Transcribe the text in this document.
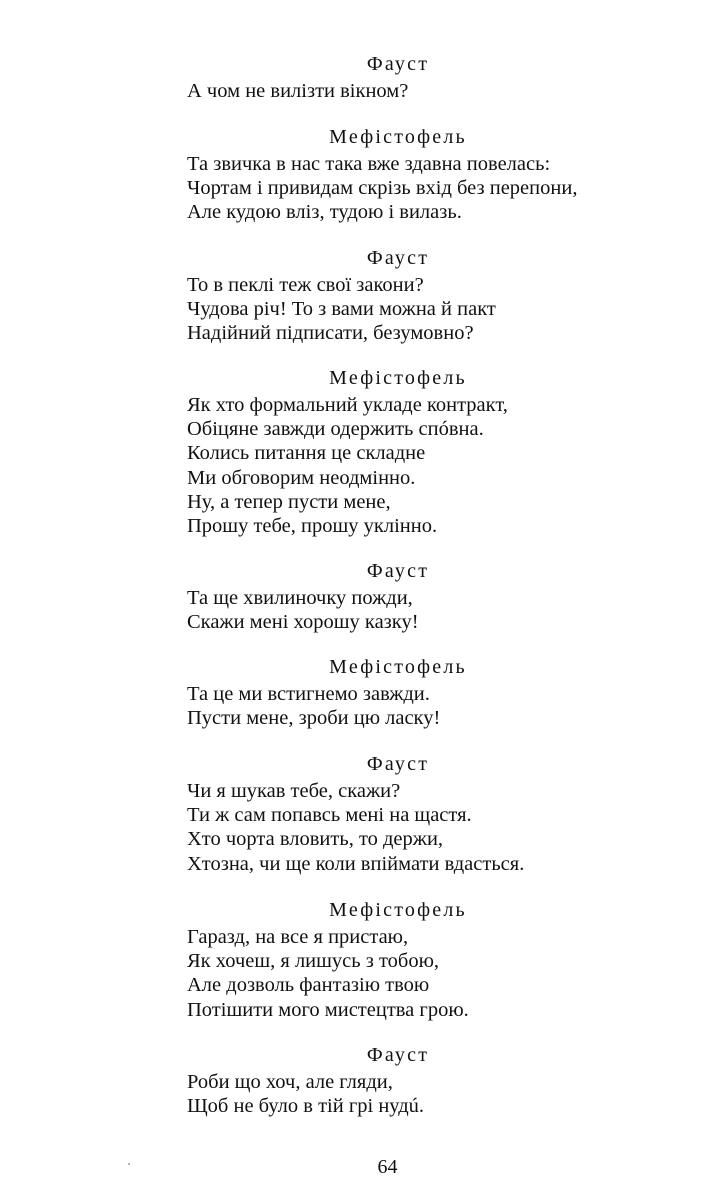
Фауст
А чом не вилізти вікном?
Мефістофель
Та звичка в нас така вже здавна повелась:
Чортам і привидам скрізь вхід без перепони,
Але кудою вліз, тудою і вилазь.
Фауст
То в пеклі теж свої закони?
Чудова річ! То з вами можна й пакт
Надійний підписати, безумовно?
Мефістофель
Як хто формальний укладе контракт,
Обіцяне завжди одержить спóвна.
Колись питання це складне
Ми обговорим неодмінно.
Ну, а тепер пусти мене,
Прошу тебе, прошу уклінно.
Фауст
Та ще хвилиночку пожди,
Скажи мені хорошу казку!
Мефістофель
Та це ми встигнемо завжди.
Пусти мене, зроби цю ласку!
Фауст
Чи я шукав тебе, скажи?
Ти ж сам попавсь мені на щастя.
Хто чорта вловить, то держи,
Хтозна, чи ще коли впіймати вдасться.
Мефістофель
Гаразд, на все я пристаю,
Як хочеш, я лишусь з тобою,
Але дозволь фантазію твою
Потішити мого мистецтва грою.
Фауст
Роби що хоч, але гляди,
Щоб не було в тій грі нудú.
64
